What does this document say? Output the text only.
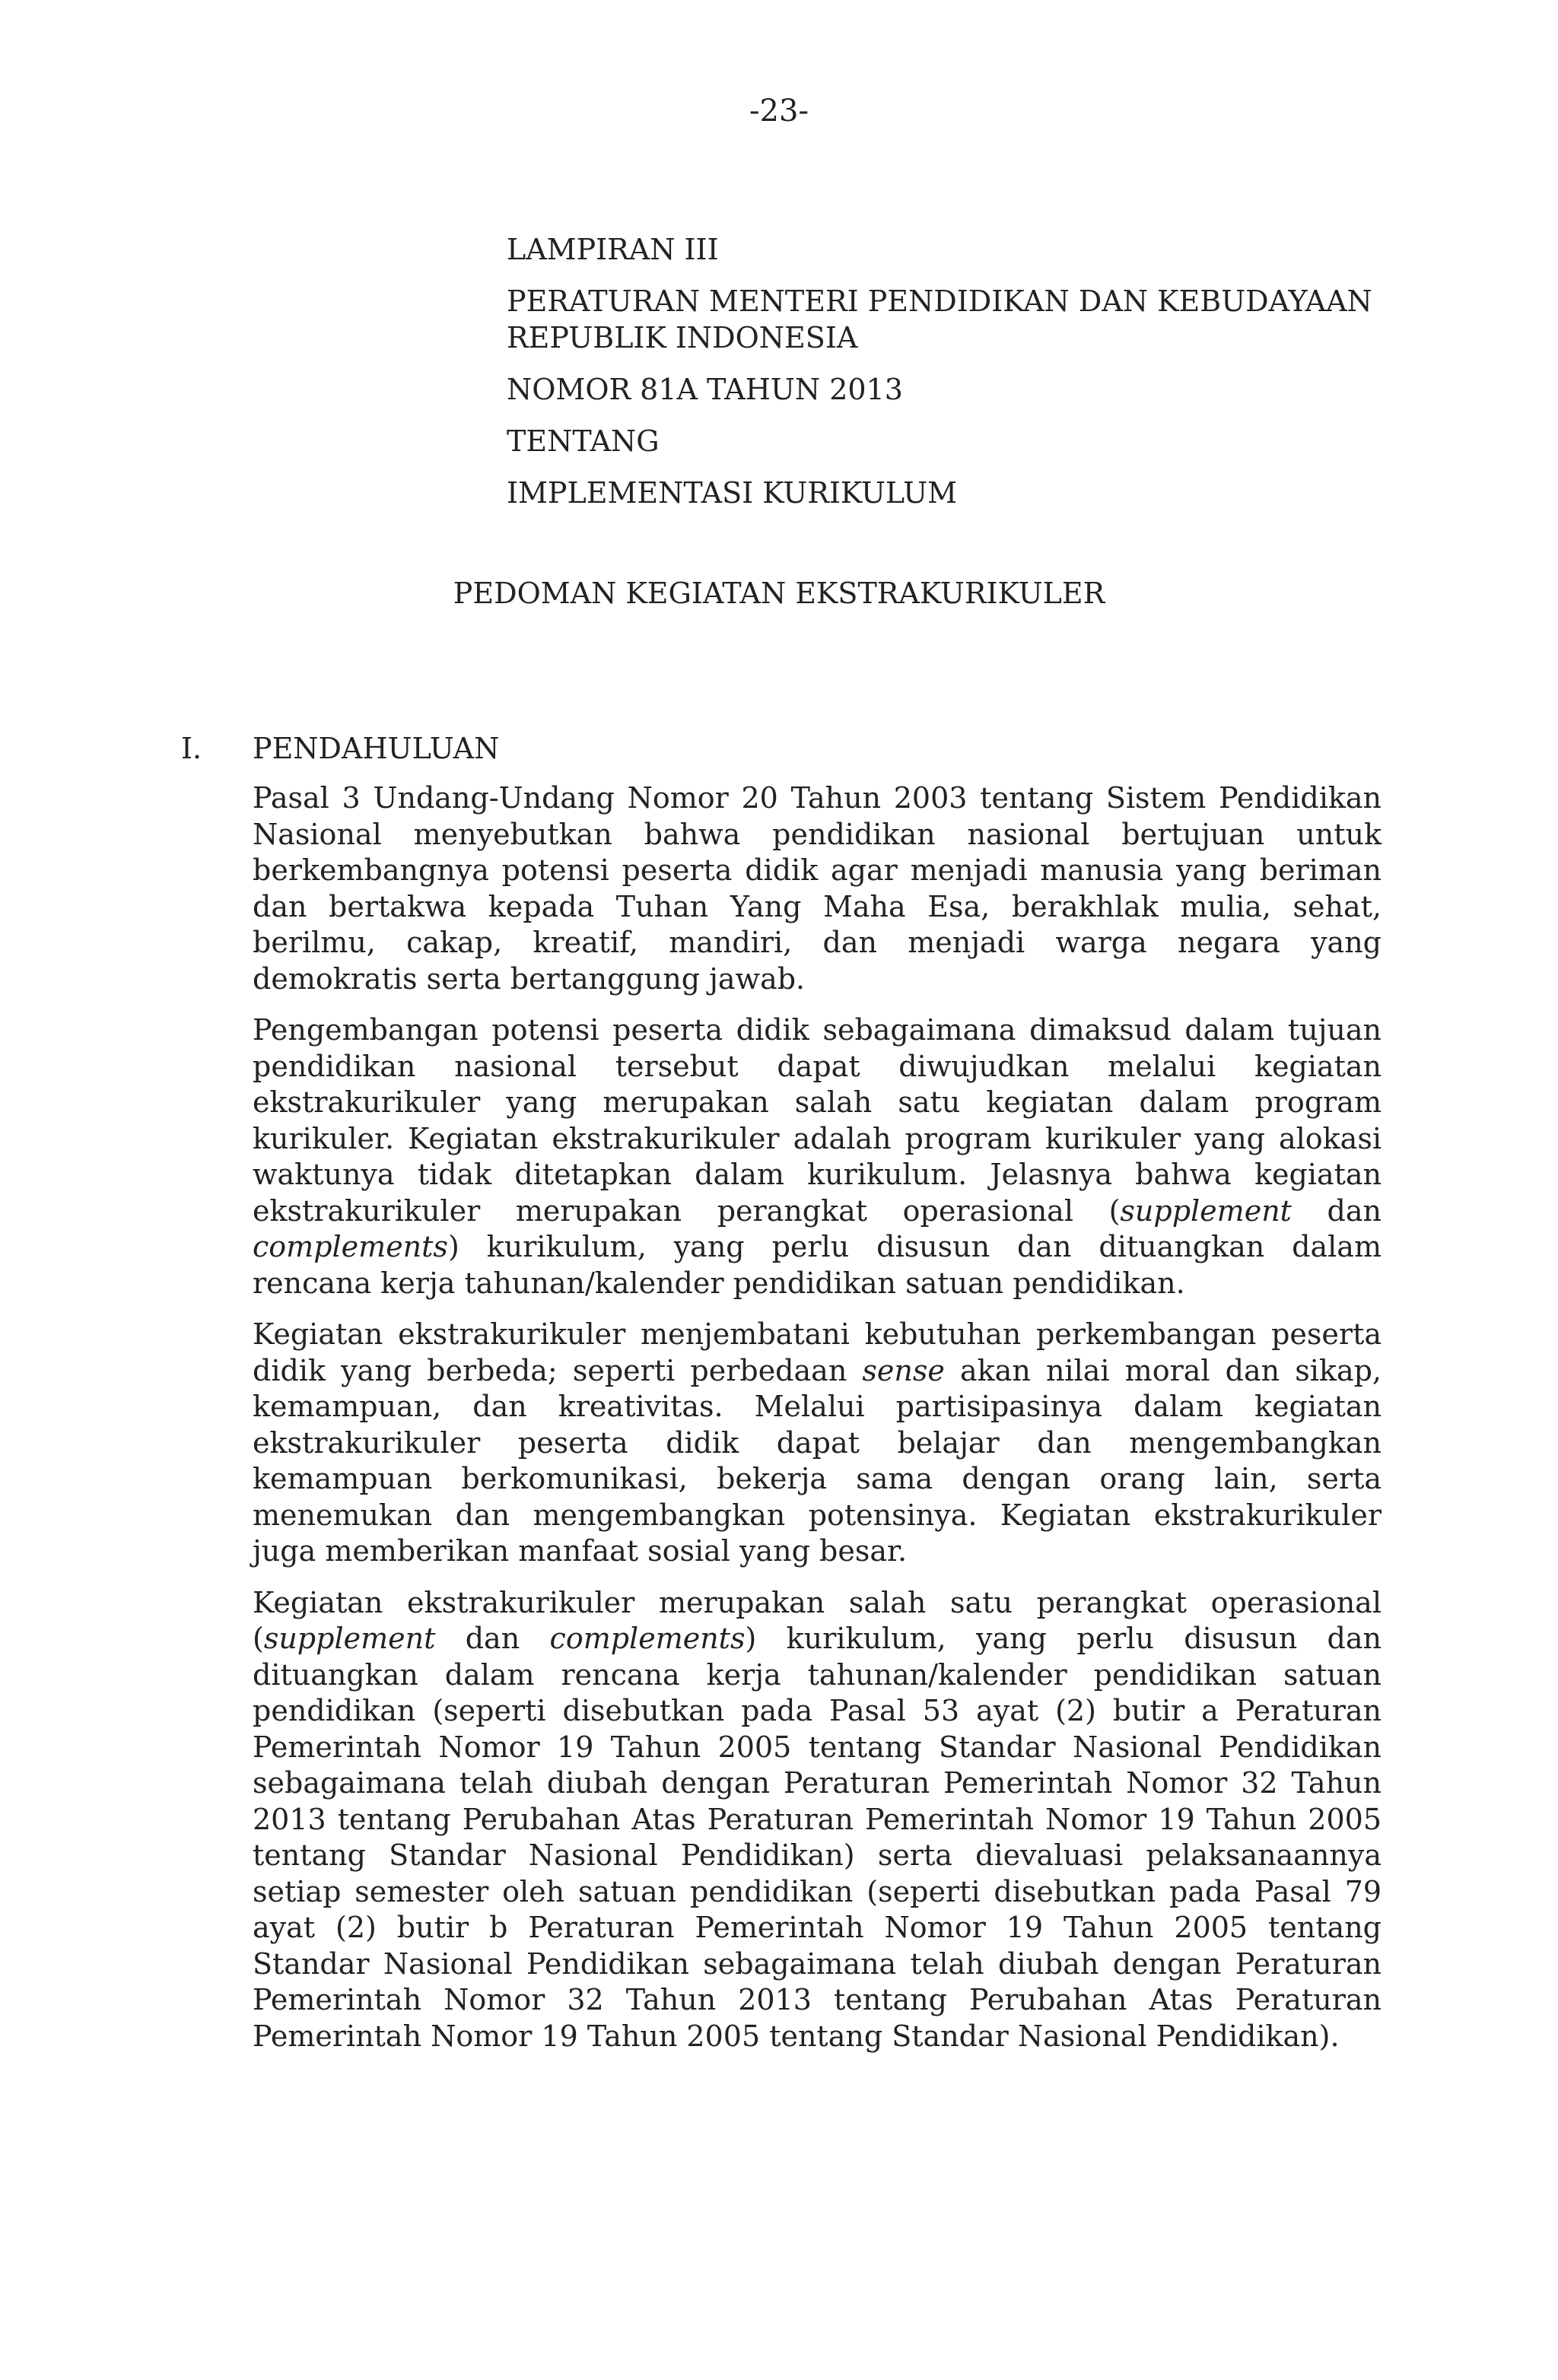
-23-

LAMPIRAN III

PERATURAN MENTERI PENDIDIKAN DAN KEBUDAYAAN

REPUBLIK INDONESIA

NOMOR 81A TAHUN 2013

TENTANG

IMPLEMENTASI KURIKULUM

PEDOMAN KEGIATAN EKSTRAKURIKULER
I. PENDAHULUAN

Pasal 3 Undang-Undang Nomor 20 Tahun 2003 tentang Sistem Pendidikan Nasional menyebutkan bahwa pendidikan nasional bertujuan untuk berkembangnya potensi peserta didik agar menjadi manusia yang beriman dan bertakwa kepada Tuhan Yang Maha Esa, berakhlak mulia, sehat, berilmu, cakap, kreatif, mandiri, dan menjadi warga negara yang demokratis serta bertanggung jawab.

Pengembangan potensi peserta didik sebagaimana dimaksud dalam tujuan pendidikan nasional tersebut dapat diwujudkan melalui kegiatan ekstrakurikuler yang merupakan salah satu kegiatan dalam program kurikuler. Kegiatan ekstrakurikuler adalah program kurikuler yang alokasi waktunya tidak ditetapkan dalam kurikulum. Jelasnya bahwa kegiatan ekstrakurikuler merupakan perangkat operasional (supplement dan complements) kurikulum, yang perlu disusun dan dituangkan dalam rencana kerja tahunan/kalender pendidikan satuan pendidikan.

Kegiatan ekstrakurikuler menjembatani kebutuhan perkembangan peserta didik yang berbeda; seperti perbedaan sense akan nilai moral dan sikap, kemampuan, dan kreativitas. Melalui partisipasinya dalam kegiatan ekstrakurikuler peserta didik dapat belajar dan mengembangkan kemampuan berkomunikasi, bekerja sama dengan orang lain, serta menemukan dan mengembangkan potensinya. Kegiatan ekstrakurikuler juga memberikan manfaat sosial yang besar.

Kegiatan ekstrakurikuler merupakan salah satu perangkat operasional (supplement dan complements) kurikulum, yang perlu disusun dan dituangkan dalam rencana kerja tahunan/kalender pendidikan satuan pendidikan (seperti disebutkan pada Pasal 53 ayat (2) butir a Peraturan Pemerintah Nomor 19 Tahun 2005 tentang Standar Nasional Pendidikan sebagaimana telah diubah dengan Peraturan Pemerintah Nomor 32 Tahun 2013 tentang Perubahan Atas Peraturan Pemerintah Nomor 19 Tahun 2005 tentang Standar Nasional Pendidikan) serta dievaluasi pelaksanaannya setiap semester oleh satuan pendidikan (seperti disebutkan pada Pasal 79 ayat (2) butir b Peraturan Pemerintah Nomor 19 Tahun 2005 tentang Standar Nasional Pendidikan sebagaimana telah diubah dengan Peraturan Pemerintah Nomor 32 Tahun 2013 tentang Perubahan Atas Peraturan Pemerintah Nomor 19 Tahun 2005 tentang Standar Nasional Pendidikan).
